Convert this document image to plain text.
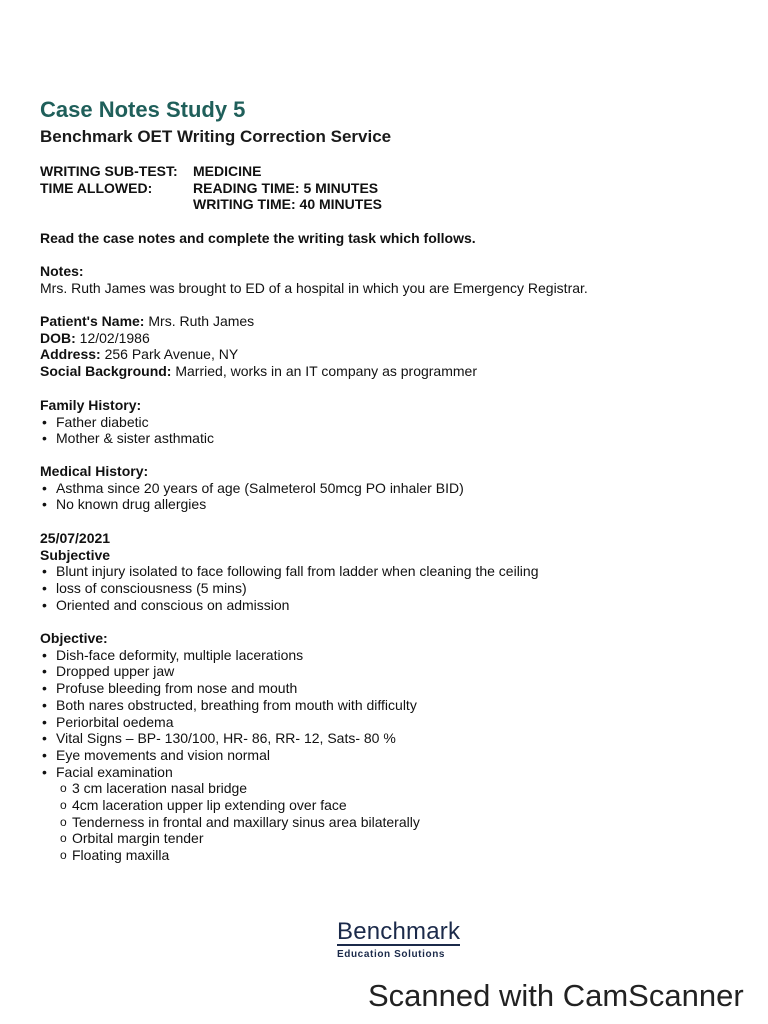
Case Notes Study 5
Benchmark OET Writing Correction Service
WRITING SUB-TEST:	MEDICINE
TIME ALLOWED:	READING TIME: 5 MINUTES
WRITING TIME: 40 MINUTES
Read the case notes and complete the writing task which follows.
Notes:
Mrs. Ruth James was brought to ED of a hospital in which you are Emergency Registrar.
Patient's Name: Mrs. Ruth James
DOB: 12/02/1986
Address: 256 Park Avenue, NY
Social Background: Married, works in an IT company as programmer
Family History:
• Father diabetic
• Mother & sister asthmatic
Medical History:
• Asthma since 20 years of age (Salmeterol 50mcg PO inhaler BID)
• No known drug allergies
25/07/2021
Subjective
• Blunt injury isolated to face following fall from ladder when cleaning the ceiling
• loss of consciousness (5 mins)
• Oriented and conscious on admission
Objective:
• Dish-face deformity, multiple lacerations
• Dropped upper jaw
• Profuse bleeding from nose and mouth
• Both nares obstructed, breathing from mouth with difficulty
• Periorbital oedema
• Vital Signs – BP- 130/100, HR- 86, RR- 12, Sats- 80 %
• Eye movements and vision normal
• Facial examination
o 3 cm laceration nasal bridge
o 4cm laceration upper lip extending over face
o Tenderness in frontal and maxillary sinus area bilaterally
o Orbital margin tender
o Floating maxilla
Benchmark
Education Solutions
Scanned with CamScanner
